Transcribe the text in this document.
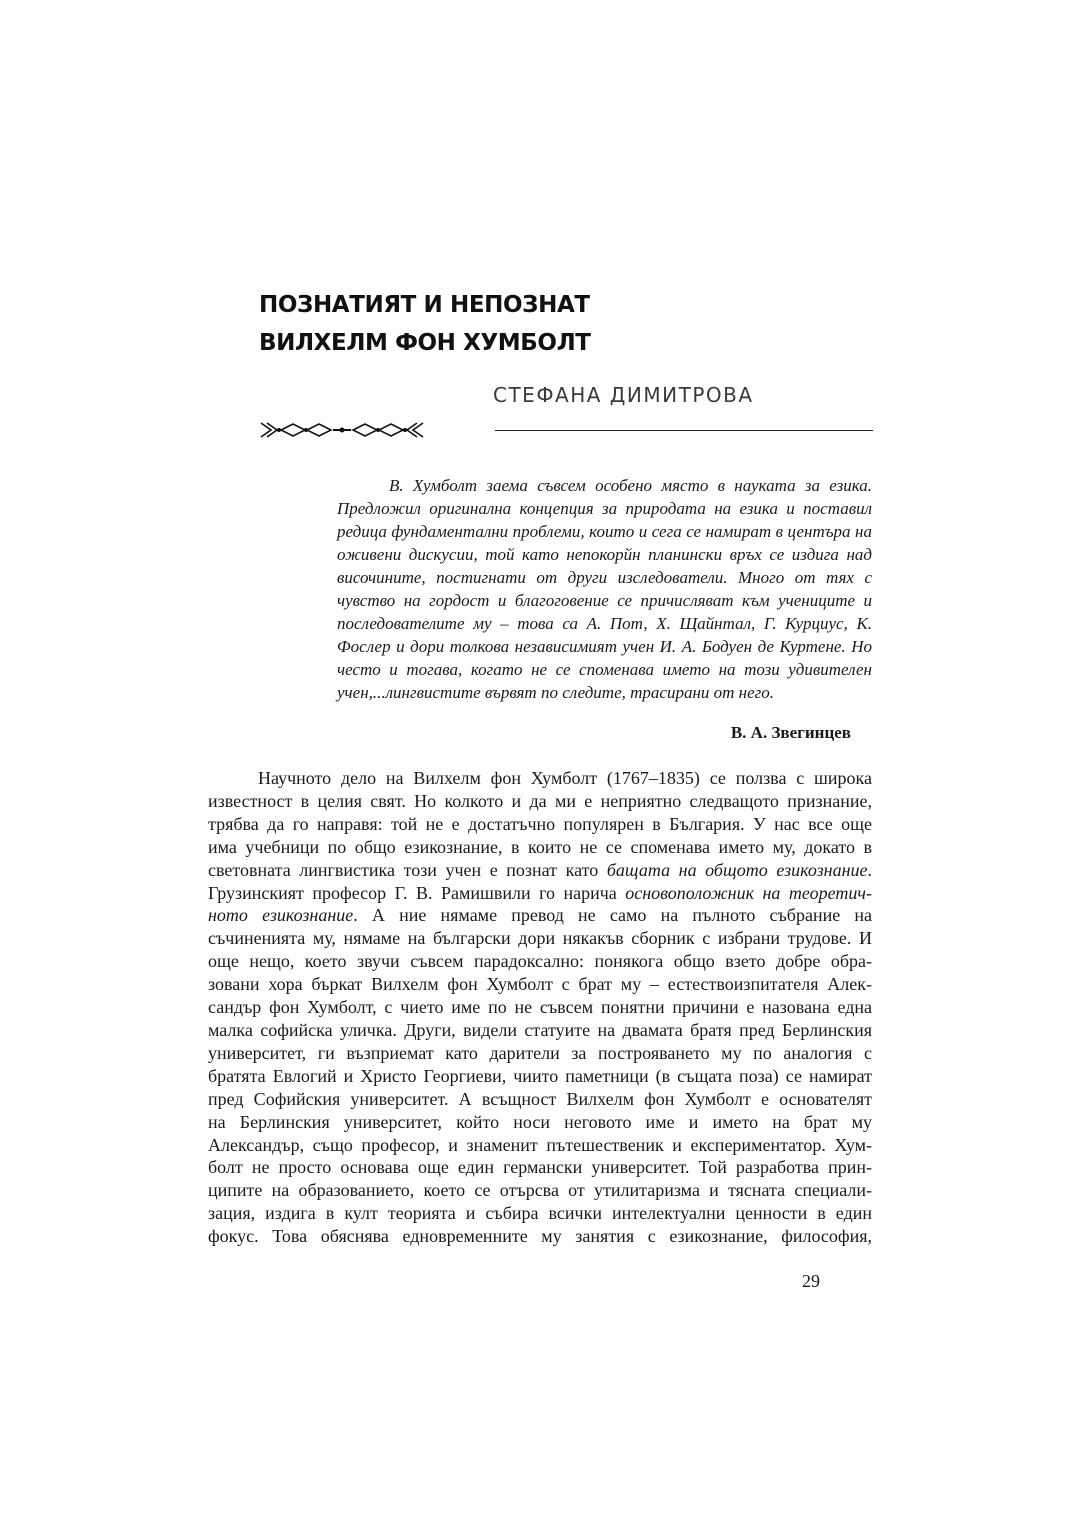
ПОЗНАТИЯТ И НЕПОЗНАТ
ВИЛХЕЛМ ФОН ХУМБОЛТ
СТЕФАНА ДИМИТРОВА

В. Хумболт заема съвсем особено място в науката за езика. Предложил оригинална концепция за природата на езика и поставил редица фундаментални проблеми, които и сега се намират в центъра на оживени дискусии, той като непокорйн планински връх се издига над височините, постигнати от други изследователи. Много от тях с чувство на гордост и благоговение се причисляват към учениците и последователите му – това са А. Пот, Х. Щайнтал, Г. Курциус, К. Фослер и дори толкова независимият учен И. А. Бодуен де Куртене. Но често и тогава, когато не се споменава името на този удивителен учен,...лингвистите вървят по следите, трасирани от него.

В. А. Звегинцев

Научното дело на Вилхелм фон Хумболт (1767–1835) се ползва с широка
известност в целия свят. Но колкото и да ми е неприятно следващото признание,
трябва да го направя: той не е достатъчно популярен в България. У нас все още
има учебници по общо езикознание, в които не се споменава името му, докато в
световната лингвистика този учен е познат като бащата на общото езикознание.
Грузинският професор Г. В. Рамишвили го нарича основоположник на теоретич-
ното езикознание. А ние нямаме превод не само на пълното събрание на
съчиненията му, нямаме на български дори някакъв сборник с избрани трудове. И
още нещо, което звучи съвсем парадоксално: понякога общо взето добре обра-
зовани хора бъркат Вилхелм фон Хумболт с брат му – естествоизпитателя Алек-
сандър фон Хумболт, с чието име по не съвсем понятни причини е назована една
малка софийска уличка. Други, видели статуите на двамата братя пред Берлинския
университет, ги възприемат като дарители за построяването му по аналогия с
братята Евлогий и Христо Георгиеви, чиито паметници (в същата поза) се намират
пред Софийския университет. А всъщност Вилхелм фон Хумболт е основателят
на Берлинския университет, който носи неговото име и името на брат му
Александър, също професор, и знаменит пътешественик и експериментатор. Хум-
болт не просто основава още един германски университет. Той разработва прин-
ципите на образованието, което се отърсва от утилитаризма и тясната специали-
зация, издига в култ теорията и събира всички интелектуални ценности в един
фокус. Това обяснява едновременните му занятия с езикознание, философия,

29
